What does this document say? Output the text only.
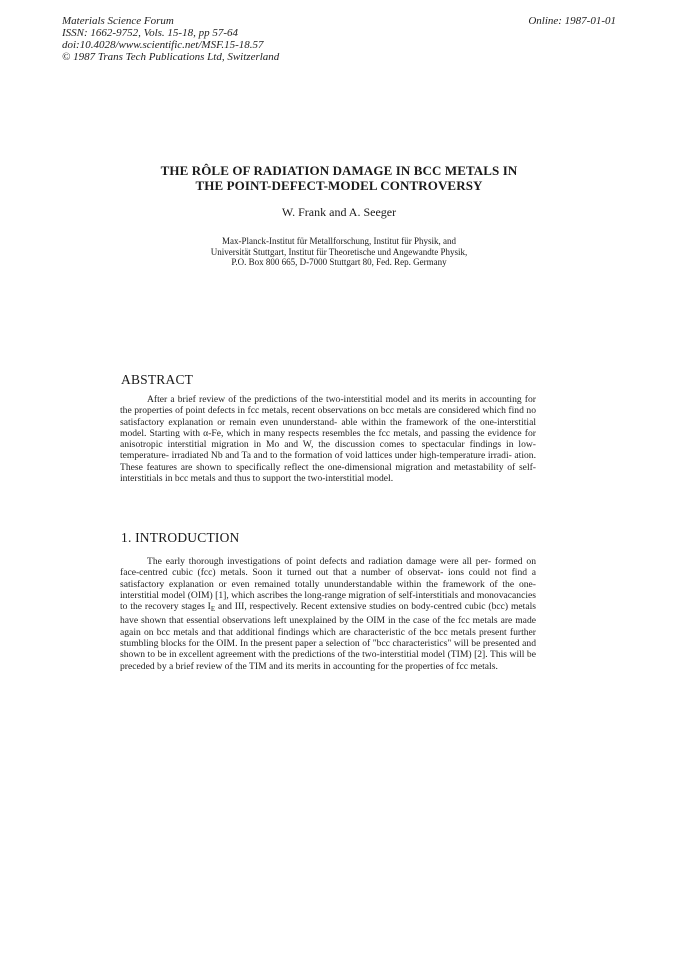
Materials Science Forum
ISSN: 1662-9752, Vols. 15-18, pp 57-64
doi:10.4028/www.scientific.net/MSF.15-18.57
© 1987 Trans Tech Publications Ltd, Switzerland
Online: 1987-01-01
THE RÔLE OF RADIATION DAMAGE IN BCC METALS IN
THE POINT-DEFECT-MODEL CONTROVERSY
W. Frank and A. Seeger
Max-Planck-Institut für Metallforschung, Institut für Physik, and
Universität Stuttgart, Institut für Theoretische und Angewandte Physik,
P.O. Box 800 665, D-7000 Stuttgart 80, Fed. Rep. Germany
ABSTRACT

After a brief review of the predictions of the two-interstitial model and its merits in accounting for the properties of point defects in fcc metals, recent observations on bcc metals are considered which find no satisfactory explanation or remain even ununderstand- able within the framework of the one-interstitial model. Starting with α-Fe, which in many respects resembles the fcc metals, and passing the evidence for anisotropic interstitial migration in Mo and W, the discussion comes to spectacular findings in low-temperature- irradiated Nb and Ta and to the formation of void lattices under high-temperature irradi- ation. These features are shown to specifically reflect the one-dimensional migration and metastability of self-interstitials in bcc metals and thus to support the two-interstitial model.

1. INTRODUCTION

The early thorough investigations of point defects and radiation damage were all per- formed on face-centred cubic (fcc) metals. Soon it turned out that a number of observat- ions could not find a satisfactory explanation or even remained totally ununderstandable within the framework of the one-interstitial model (OIM) [1], which ascribes the long-range migration of self-interstitials and monovacancies to the recovery stages $I_E$ and III, respectively. Recent extensive studies on body-centred cubic (bcc) metals have shown that essential observations left unexplained by the OIM in the case of the fcc metals are made again on bcc metals and that additional findings which are characteristic of the bcc metals present further stumbling blocks for the OIM. In the present paper a selection of "bcc characteristics" will be presented and shown to be in excellent agreement with the predictions of the two-interstitial model (TIM) [2]. This will be preceded by a brief review of the TIM and its merits in accounting for the properties of fcc metals.
